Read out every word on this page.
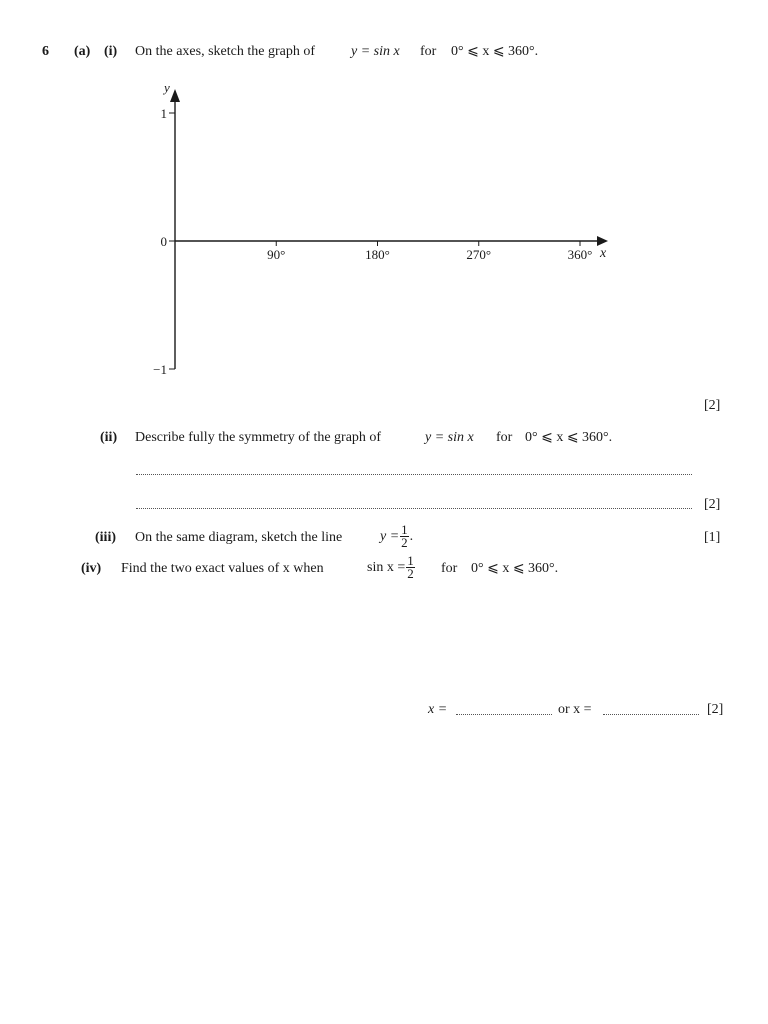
6 (a) (i) On the axes, sketch the graph of	y = sin x for 0° ⩽ x ⩽ 360°.
y
x
90°	180°	270°	360°
1
0
−1
[2]
(ii) Describe fully the symmetry of the graph of	y = sin x for 0° ⩽ x ⩽ 360°.
[2]
(iii) On the same diagram, sketch the line	$y = \frac{1}{2}$ .	[1]
(iv) Find the two exact values of x when	$\sin x = \frac{1}{2}$ for 0° ⩽ x ⩽ 360°.
x =	or x =	[2]
